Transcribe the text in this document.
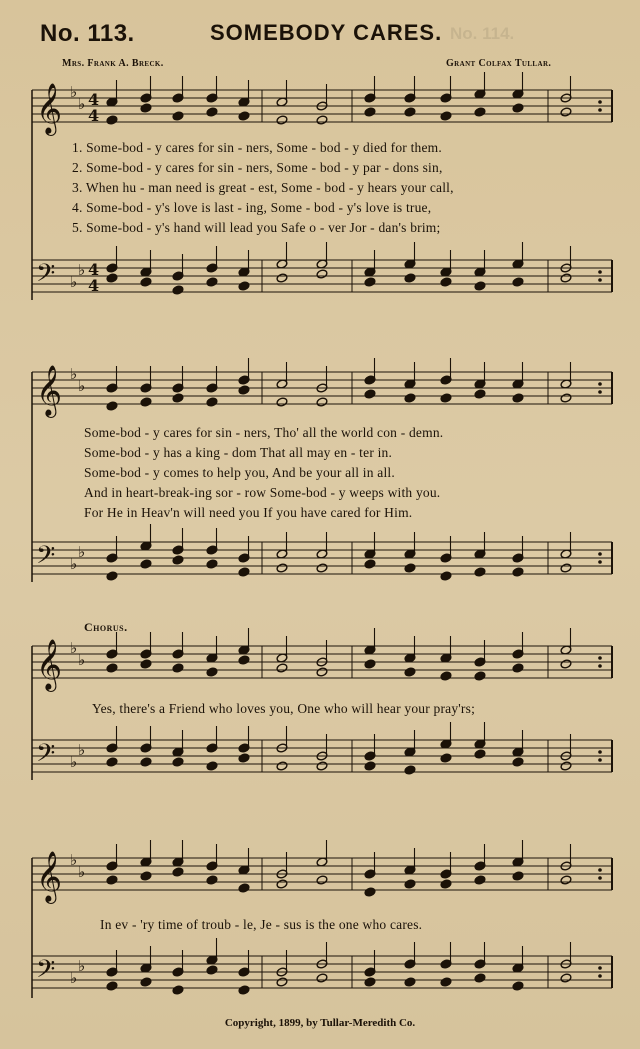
No. 113.	SOMEBODY CARES. No. 114.
Mrs. Frank A. Breck.	Grant Colfax Tullar.
𝄞 ♭
♭
𝄢 ♭
♭
4
4
4
4
1. Some-bod - y cares for sin - ners, Some - bod - y died for them.
2. Some-bod - y cares for sin - ners, Some - bod - y par - dons sin,
3. When hu - man need is great - est, Some - bod - y hears your call,
4. Some-bod - y's love is last - ing, Some - bod - y's love is true,
5. Some-bod - y's hand will lead you Safe o - ver Jor - dan's brim;
𝄞 ♭
♭
𝄢 ♭
♭
Some-bod - y cares for sin - ners, Tho' all the world con - demn.
Some-bod - y has a king - dom That all may en - ter in.
Some-bod - y comes to help you, And be your all in all.
And in heart-break-ing sor - row Some-bod - y weeps with you.
For He in Heav'n will need you If you have cared for Him.
Chorus.
𝄞 ♭
♭
𝄢 ♭
♭
Yes, there's a Friend who loves you, One who will hear your pray'rs;
𝄞 ♭
♭
𝄢 ♭
♭
In ev - 'ry time of troub - le, Je - sus is the one who cares.
Copyright, 1899, by Tullar-Meredith Co.
